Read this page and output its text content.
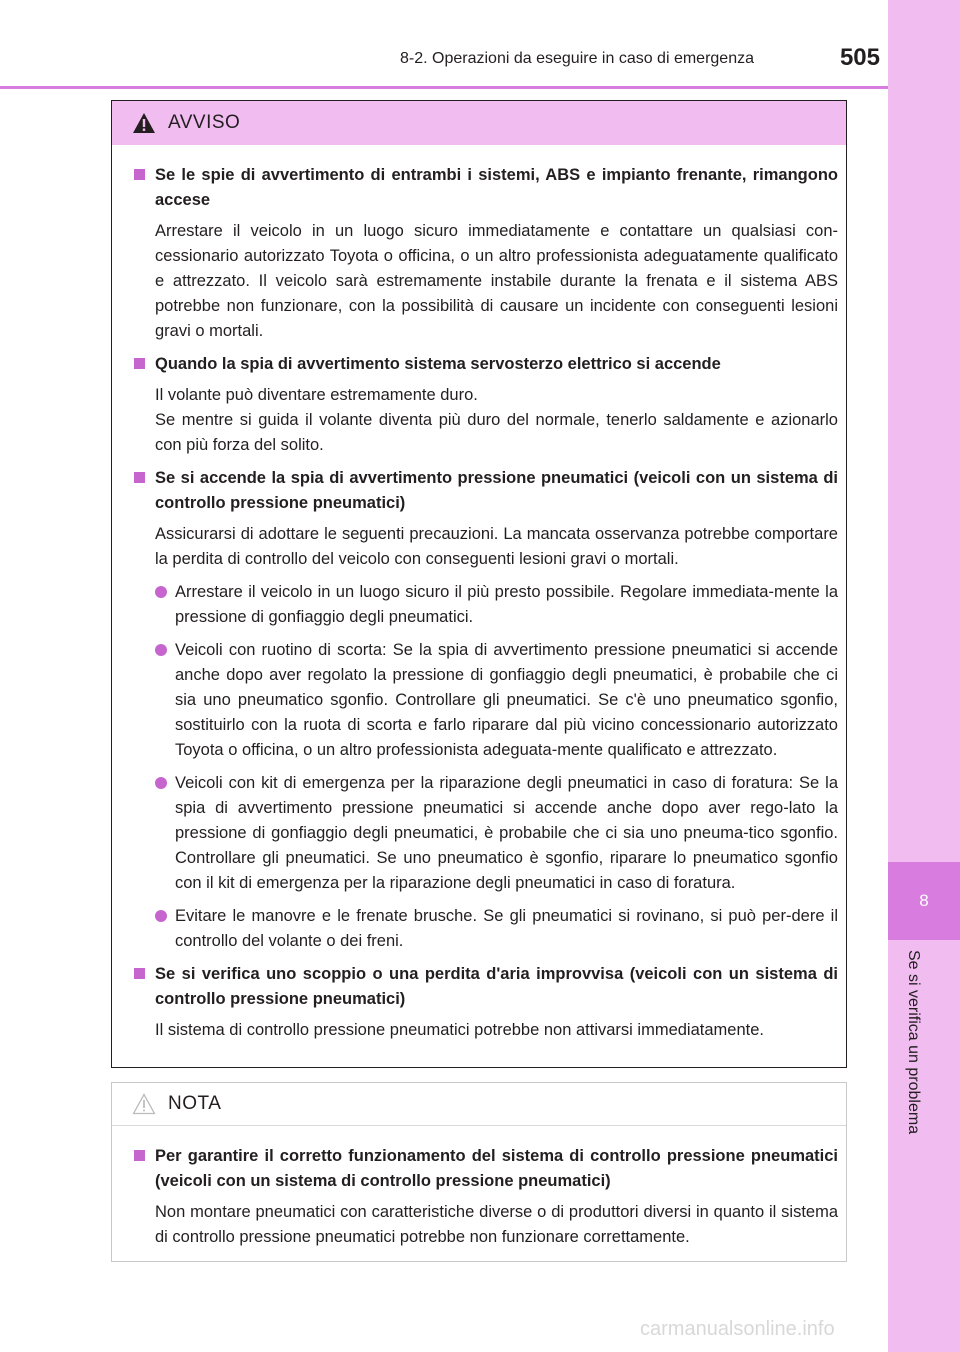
8
Se si verifica un problema
8-2. Operazioni da eseguire in caso di emergenza	505
AVVISO
Se le spie di avvertimento di entrambi i sistemi, ABS e impianto frenante, rimangono accese
Arrestare il veicolo in un luogo sicuro immediatamente e contattare un qualsiasi con-cessionario autorizzato Toyota o officina, o un altro professionista adeguatamente qualificato e attrezzato. Il veicolo sarà estremamente instabile durante la frenata e il sistema ABS potrebbe non funzionare, con la possibilità di causare un incidente con conseguenti lesioni gravi o mortali.
Quando la spia di avvertimento sistema servosterzo elettrico si accende
Il volante può diventare estremamente duro.
Se mentre si guida il volante diventa più duro del normale, tenerlo saldamente e azionarlo con più forza del solito.
Se si accende la spia di avvertimento pressione pneumatici (veicoli con un sistema di controllo pressione pneumatici)
Assicurarsi di adottare le seguenti precauzioni. La mancata osservanza potrebbe comportare la perdita di controllo del veicolo con conseguenti lesioni gravi o mortali.
Arrestare il veicolo in un luogo sicuro il più presto possibile. Regolare immediata-mente la pressione di gonfiaggio degli pneumatici.
Veicoli con ruotino di scorta: Se la spia di avvertimento pressione pneumatici si accende anche dopo aver regolato la pressione di gonfiaggio degli pneumatici, è probabile che ci sia uno pneumatico sgonfio. Controllare gli pneumatici. Se c'è uno pneumatico sgonfio, sostituirlo con la ruota di scorta e farlo riparare dal più vicino concessionario autorizzato Toyota o officina, o un altro professionista adeguata-mente qualificato e attrezzato.
Veicoli con kit di emergenza per la riparazione degli pneumatici in caso di foratura: Se la spia di avvertimento pressione pneumatici si accende anche dopo aver rego-lato la pressione di gonfiaggio degli pneumatici, è probabile che ci sia uno pneuma-tico sgonfio. Controllare gli pneumatici. Se uno pneumatico è sgonfio, riparare lo pneumatico sgonfio con il kit di emergenza per la riparazione degli pneumatici in caso di foratura.
Evitare le manovre e le frenate brusche. Se gli pneumatici si rovinano, si può per-dere il controllo del volante o dei freni.
Se si verifica uno scoppio o una perdita d'aria improvvisa (veicoli con un sistema di controllo pressione pneumatici)
Il sistema di controllo pressione pneumatici potrebbe non attivarsi immediatamente.
NOTA
Per garantire il corretto funzionamento del sistema di controllo pressione pneumatici (veicoli con un sistema di controllo pressione pneumatici)
Non montare pneumatici con caratteristiche diverse o di produttori diversi in quanto il sistema di controllo pressione pneumatici potrebbe non funzionare correttamente.
carmanualsonline.info
